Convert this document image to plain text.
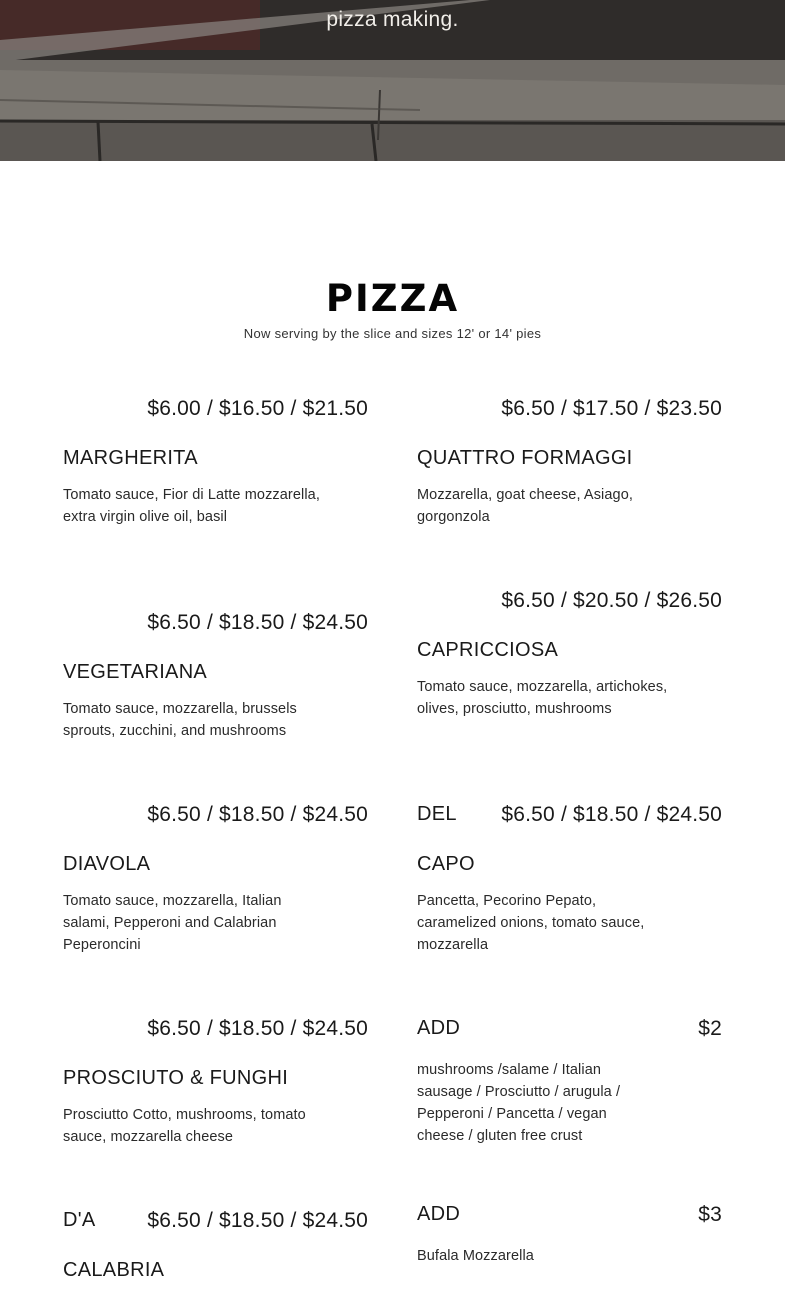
pizza making.
PIZZA
Now serving by the slice and sizes 12' or 14' pies
$6.00 / $16.50 / $21.50
MARGHERITA
Tomato sauce, Fior di Latte mozzarella, extra virgin olive oil, basil
$6.50 / $18.50 / $24.50
VEGETARIANA
Tomato sauce, mozzarella, brussels sprouts, zucchini, and mushrooms
$6.50 / $18.50 / $24.50
DIAVOLA
Tomato sauce, mozzarella, Italian salami, Pepperoni and Calabrian Peperoncini
$6.50 / $18.50 / $24.50
PROSCIUTO & FUNGHI
Prosciutto Cotto, mushrooms, tomato sauce, mozzarella cheese
D'A $6.50 / $18.50 / $24.50
CALABRIA
$6.50 / $17.50 / $23.50
QUATTRO FORMAGGI
Mozzarella, goat cheese, Asiago, gorgonzola
$6.50 / $20.50 / $26.50
CAPRICCIOSA
Tomato sauce, mozzarella, artichokes, olives, prosciutto, mushrooms
DEL $6.50 / $18.50 / $24.50
CAPO
Pancetta, Pecorino Pepato, caramelized onions, tomato sauce, mozzarella
ADD	$2
mushrooms /salame / Italian sausage / Prosciutto / arugula / Pepperoni / Pancetta / vegan cheese / gluten free crust
ADD	$3
Bufala Mozzarella
